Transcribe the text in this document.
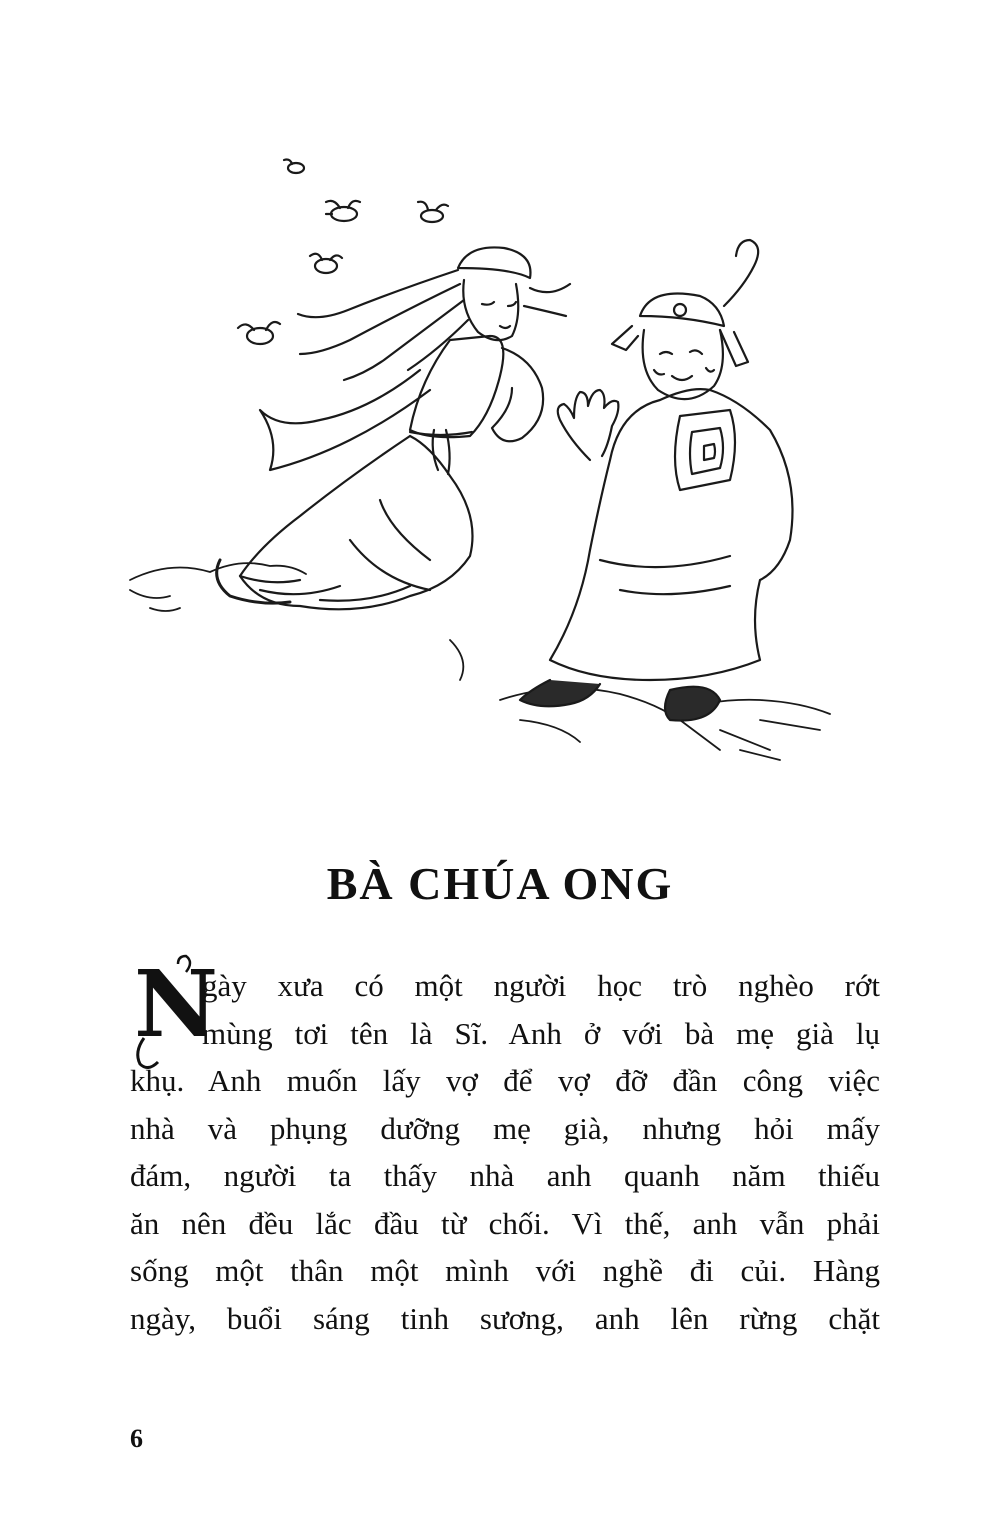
BÀ CHÚA ONG
N
gày xưa có một người học trò nghèo rớt
mùng tơi tên là Sĩ. Anh ở với bà mẹ già lụ
khụ. Anh muốn lấy vợ để vợ đỡ đần công việc
nhà và phụng dưỡng mẹ già, nhưng hỏi mấy
đám, người ta thấy nhà anh quanh năm thiếu
ăn nên đều lắc đầu từ chối. Vì thế, anh vẫn phải
sống một thân một mình với nghề đi củi. Hàng
ngày, buổi sáng tinh sương, anh lên rừng chặt
6
